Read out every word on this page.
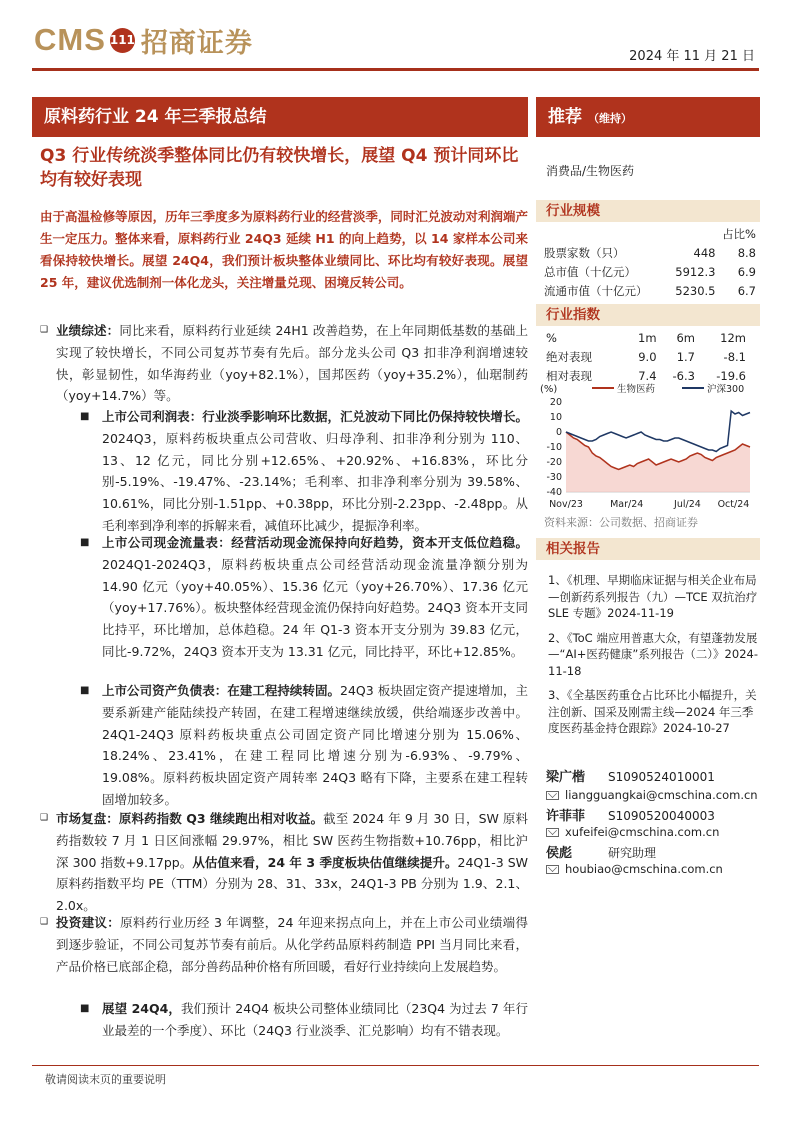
CMS 111 招商证券	2024 年 11 月 21 日
原料药行业 24 年三季报总结	推荐 （维持）
Q3 行业传统淡季整体同比仍有较快增长，展望 Q4 预计同环比均有较好表现
由于高温检修等原因，历年三季度多为原料药行业的经营淡季，同时汇兑波动对利润端产生一定压力。整体来看，原料药行业 24Q3 延续 H1 的向上趋势，以 14 家样本公司来看保持较快增长。展望 24Q4，我们预计板块整体业绩同比、环比均有较好表现。展望 25 年，建议优选制剂一体化龙头，关注增量兑现、困境反转公司。
❑ 业绩综述：同比来看，原料药行业延续 24H1 改善趋势，在上年同期低基数的基础上实现了较快增长，不同公司复苏节奏有先后。部分龙头公司 Q3 扣非净利润增速较快，彰显韧性，如华海药业（yoy+82.1%），国邦医药（yoy+35.2%），仙琚制药（yoy+14.7%）等。
■ 上市公司利润表：行业淡季影响环比数据，汇兑波动下同比仍保持较快增长。2024Q3，原料药板块重点公司营收、归母净利、扣非净利分别为 110、13、12 亿元，同比分别+12.65%、+20.92%、+16.83%，环比分别-5.19%、-19.47%、-23.14%；毛利率、扣非净利率分别为 39.58%、10.61%，同比分别-1.51pp、+0.38pp，环比分别-2.23pp、-2.48pp。从毛利率到净利率的拆解来看，减值环比减少，提振净利率。
■ 上市公司现金流量表：经营活动现金流保持向好趋势，资本开支低位趋稳。2024Q1-2024Q3，原料药板块重点公司经营活动现金流量净额分别为 14.90 亿元（yoy+40.05%）、15.36 亿元（yoy+26.70%）、17.36 亿元（yoy+17.76%）。板块整体经营现金流仍保持向好趋势。24Q3 资本开支同比持平，环比增加，总体趋稳。24 年 Q1-3 资本开支分别为 39.83 亿元，同比-9.72%，24Q3 资本开支为 13.31 亿元，同比持平，环比+12.85%。
■ 上市公司资产负债表：在建工程持续转固。24Q3 板块固定资产提速增加，主要系新建产能陆续投产转固，在建工程增速继续放缓，供给端逐步改善中。24Q1-24Q3 原料药板块重点公司固定资产同比增速分别为 15.06%、18.24%、23.41%，在建工程同比增速分别为-6.93%、-9.79%、19.08%。原料药板块固定资产周转率 24Q3 略有下降，主要系在建工程转固增加较多。
❑ 市场复盘：原料药指数 Q3 继续跑出相对收益。截至 2024 年 9 月 30 日，SW 原料药指数较 7 月 1 日区间涨幅 29.97%，相比 SW 医药生物指数+10.76pp，相比沪深 300 指数+9.17pp。从估值来看，24 年 3 季度板块估值继续提升。24Q1-3 SW 原料药指数平均 PE（TTM）分别为 28、31、33x，24Q1-3 PB 分别为 1.9、2.1、2.0x。
❑ 投资建议：原料药行业历经 3 年调整，24 年迎来拐点向上，并在上市公司业绩端得到逐步验证，不同公司复苏节奏有前后。从化学药品原料药制造 PPI 当月同比来看，产品价格已底部企稳，部分兽药品种价格有所回暖，看好行业持续向上发展趋势。
■ 展望 24Q4，我们预计 24Q4 板块公司整体业绩同比（23Q4 为过去 7 年行业最差的一个季度）、环比（24Q3 行业淡季、汇兑影响）均有不错表现。
消费品/生物医药
行业规模
		占比%
股票家数（只）	448	8.8
总市值（十亿元）	5912.3	6.9
流通市值（十亿元）	5230.5	6.7
行业指数
%	1m	6m	12m
绝对表现	9.0	1.7	-8.1
相对表现	7.4	-6.3	-19.6
(%)	生物医药	沪深300
20
10
0
-10
-20
-30
-40
Nov/23	Mar/24	Jul/24 Oct/24
资料来源：公司数据、招商证券
相关报告
1、《机理、早期临床证据与相关企业布局—创新药系列报告（九）—TCE 双抗治疗 SLE 专题》2024-11-19
2、《ToC 端应用普惠大众，有望蓬勃发展—“AI+医药健康”系列报告（二）》2024-11-18
3、《全基医药重仓占比环比小幅提升，关注创新、国采及刚需主线—2024 年三季度医药基金持仓跟踪》2024-10-27
梁广楷 S1090524010001
liangguangkai@cmschina.com.cn
许菲菲 S1090520040003
xufeifei@cmschina.com.cn
侯彪	研究助理
houbiao@cmschina.com.cn
敬请阅读末页的重要说明
